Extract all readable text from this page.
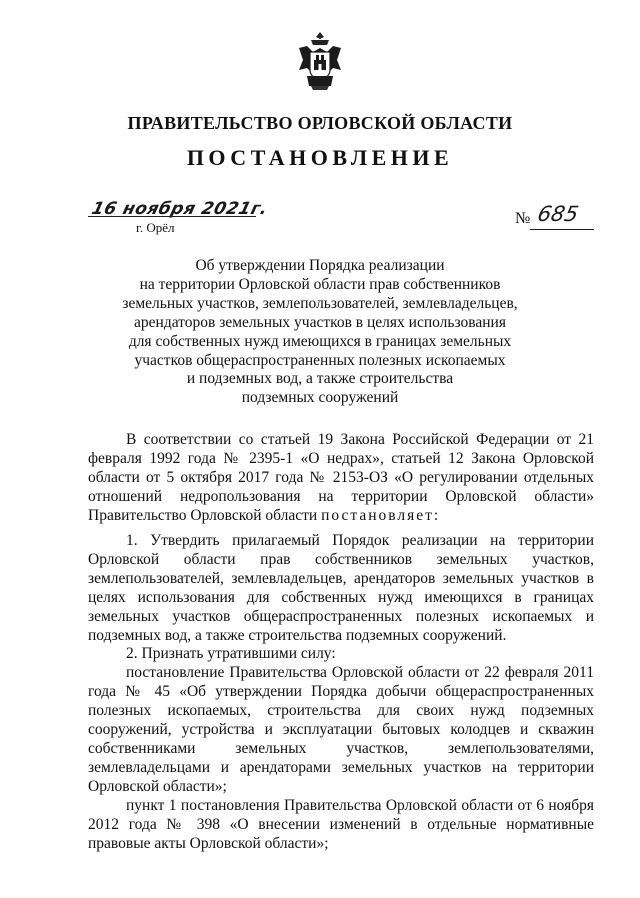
ПРАВИТЕЛЬСТВО ОРЛОВСКОЙ ОБЛАСТИ
ПОСТАНОВЛЕНИЕ
16 ноября 2021г.
г. Орёл
№ 685
Об утверждении Порядка реализации
на территории Орловской области прав собственников
земельных участков, землепользователей, землевладельцев,
арендаторов земельных участков в целях использования
для собственных нужд имеющихся в границах земельных
участков общераспространенных полезных ископаемых
и подземных вод, а также строительства
подземных сооружений
В соответствии со статьей 19 Закона Российской Федерации от 21 февраля 1992 года № 2395-1 «О недрах», статьей 12 Закона Орловской области от 5 октября 2017 года № 2153-ОЗ «О регулировании отдельных отношений недропользования на территории Орловской области» Правительство Орловской области постановляет:
1. Утвердить прилагаемый Порядок реализации на территории Орловской области прав собственников земельных участков, землепользователей, землевладельцев, арендаторов земельных участков в целях использования для собственных нужд имеющихся в границах земельных участков общераспространенных полезных ископаемых и подземных вод, а также строительства подземных сооружений.
2. Признать утратившими силу:
постановление Правительства Орловской области от 22 февраля 2011 года № 45 «Об утверждении Порядка добычи общераспространенных полезных ископаемых, строительства для своих нужд подземных сооружений, устройства и эксплуатации бытовых колодцев и скважин собственниками земельных участков, землепользователями, землевладельцами и арендаторами земельных участков на территории Орловской области»;
пункт 1 постановления Правительства Орловской области от 6 ноября 2012 года № 398 «О внесении изменений в отдельные нормативные правовые акты Орловской области»;
